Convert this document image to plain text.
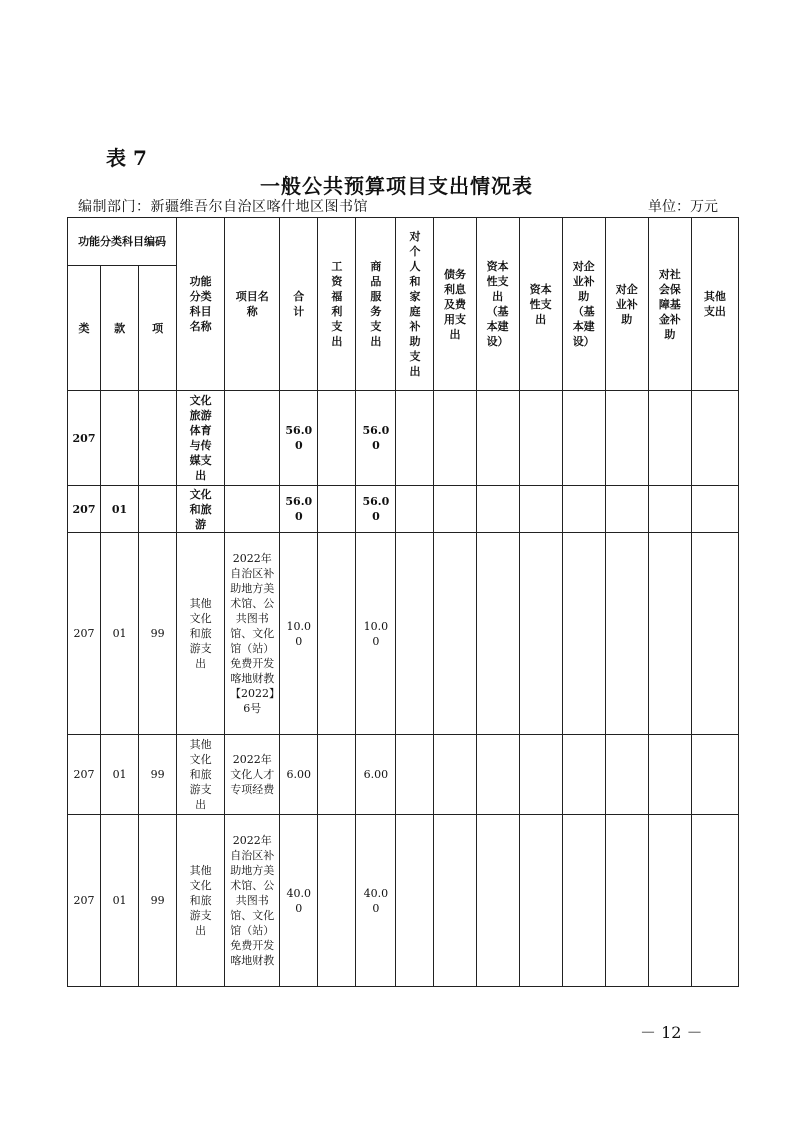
表 7
一般公共预算项目支出情况表
编制部门：新疆维吾尔自治区喀什地区图书馆	单位：万元
功能分类科目编码			功能分类科目名称	项目名称	合计	工资福利支出	商品服务支出	对个人和家庭补助支出	债务利息及费用支出	资本性支出（基本建设）	资本性支出	对企业补助（基本建设）	对企业补助	对社会保障基金补助	其他支出
类	款	项													
207			文化旅游体育与传媒支出		56.00		56.00								
207	01		文化和旅游		56.00		56.00								
207	01	99	其他文化和旅游支出	2022年自治区补助地方美术馆、公共图书馆、文化馆（站）免费开发喀地财教【2022】6号	10.00		10.00								
207	01	99	其他文化和旅游支出	2022年文化人才专项经费	6.00		6.00								
207	01	99	其他文化和旅游支出	2022年自治区补助地方美术馆、公共图书馆、文化馆（站）免费开发喀地财教	40.00		40.00								
－ 12 －
